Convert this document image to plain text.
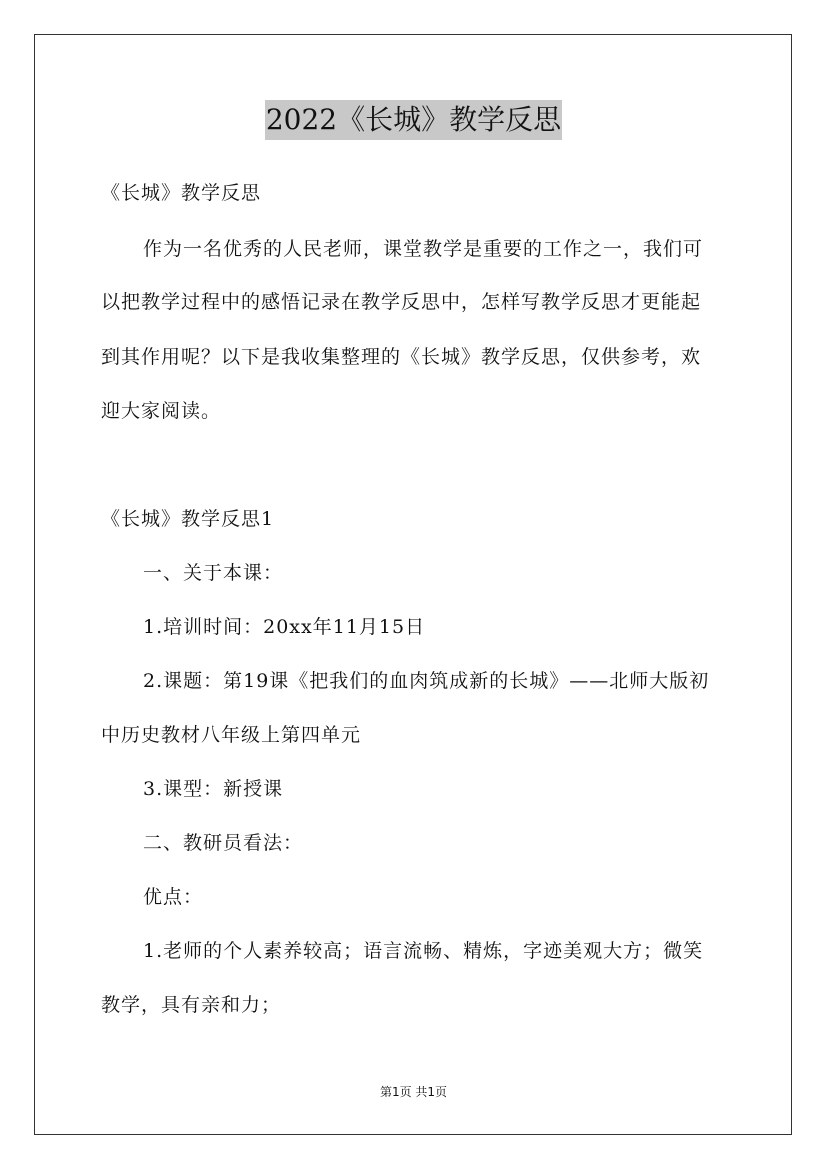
2022《长城》教学反思
《长城》教学反思
作为一名优秀的人民老师，课堂教学是重要的工作之一，我们可
以把教学过程中的感悟记录在教学反思中，怎样写教学反思才更能起
到其作用呢？以下是我收集整理的《长城》教学反思，仅供参考，欢
迎大家阅读。
《长城》教学反思1
一、关于本课：
1.培训时间：20xx年11月15日
2.课题：第19课《把我们的血肉筑成新的长城》——北师大版初
中历史教材八年级上第四单元
3.课型：新授课
二、教研员看法：
优点：
1.老师的个人素养较高；语言流畅、精炼，字迹美观大方；微笑
教学，具有亲和力；
第1页 共1页
